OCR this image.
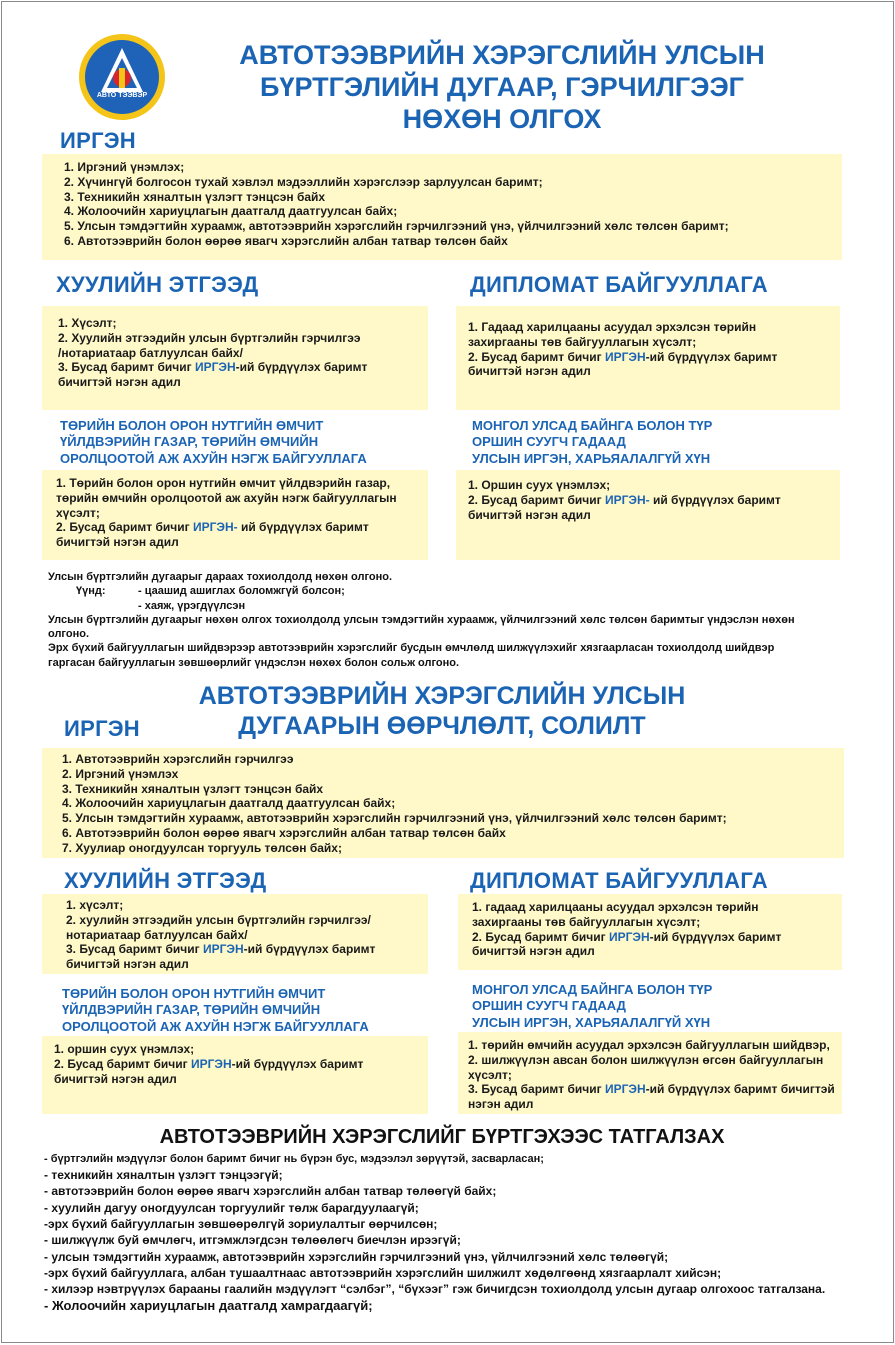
АВТО ТЭЭВЭР
АВТОТЭЭВРИЙН ХЭРЭГСЛИЙН УЛСЫН
БҮРТГЭЛИЙН ДУГААР, ГЭРЧИЛГЭЭГ
НӨХӨН ОЛГОХ
ИРГЭН
1. Иргэний үнэмлэх;
2. Хүчингүй болгосон тухай хэвлэл мэдээллийн хэрэгслээр зарлуулсан баримт;
3. Техникийн хяналтын үзлэгт тэнцсэн байх
4. Жолоочийн хариуцлагын даатгалд даатгуулсан байх;
5. Улсын тэмдэгтийн хураамж, автотээврийн хэрэгслийн гэрчилгээний үнэ, үйлчилгээний хөлс төлсөн баримт;
6. Автотээврийн болон өөрөө явагч хэрэгслийн албан татвар төлсөн байх
ХУУЛИЙН ЭТГЭЭД	ДИПЛОМАТ БАЙГУУЛЛАГА
1. Хүсэлт;
2. Хуулийн этгээдийн улсын бүртгэлийн гэрчилгээ
/нотариатаар батлуулсан байх/
3. Бусад баримт бичиг ИРГЭН-ий бүрдүүлэх баримт
бичигтэй нэгэн адил
1. Гадаад харилцааны асуудал эрхэлсэн төрийн
захиргааны төв байгууллагын хүсэлт;
2. Бусад баримт бичиг ИРГЭН-ий бүрдүүлэх баримт
бичигтэй нэгэн адил
ТӨРИЙН БОЛОН ОРОН НУТГИЙН ӨМЧИТ
ҮЙЛДВЭРИЙН ГАЗАР, ТӨРИЙН ӨМЧИЙН
ОРОЛЦООТОЙ АЖ АХУЙН НЭГЖ БАЙГУУЛЛАГА
МОНГОЛ УЛСАД БАЙНГА БОЛОН ТҮР
ОРШИН СУУГЧ ГАДААД
УЛСЫН ИРГЭН, ХАРЬЯАЛАЛГҮЙ ХҮН
1. Төрийн болон орон нутгийн өмчит үйлдвэрийн газар,
төрийн өмчийн оролцоотой аж ахуйн нэгж байгууллагын
хүсэлт;
2. Бусад баримт бичиг ИРГЭН- ий бүрдүүлэх баримт
бичигтэй нэгэн адил
1. Оршин суух үнэмлэх;
2. Бусад баримт бичиг ИРГЭН- ий бүрдүүлэх баримт
бичигтэй нэгэн адил
Улсын бүртгэлийн дугаарыг дараах тохиолдолд нөхөн олгоно.
Үүнд:	- цаашид ашиглах боломжгүй болсон;
- хаяж, үрэгдүүлсэн
Улсын бүртгэлийн дугаарыг нөхөн олгох тохиолдолд улсын тэмдэгтийн хураамж, үйлчилгээний хөлс төлсөн баримтыг үндэслэн нөхөн
олгоно.
Эрх бүхий байгууллагын шийдвэрээр автотээврийн хэрэгслийг бусдын өмчлөлд шилжүүлэхийг хязгаарласан тохиолдолд шийдвэр
гаргасан байгууллагын зөвшөөрлийг үндэслэн нөхөх болон сольж олгоно.
АВТОТЭЭВРИЙН ХЭРЭГСЛИЙН УЛСЫН
ДУГААРЫН ӨӨРЧЛӨЛТ, СОЛИЛТ
ИРГЭН
1. Автотээврийн хэрэгслийн гэрчилгээ
2. Иргэний үнэмлэх
3. Техникийн хяналтын үзлэгт тэнцсэн байх
4. Жолоочийн хариуцлагын даатгалд даатгуулсан байх;
5. Улсын тэмдэгтийн хураамж, автотээврийн хэрэгслийн гэрчилгээний үнэ, үйлчилгээний хөлс төлсөн баримт;
6. Автотээврийн болон өөрөө явагч хэрэгслийн албан татвар төлсөн байх
7. Хуулиар оногдуулсан торгууль төлсөн байх;
ХУУЛИЙН ЭТГЭЭД	ДИПЛОМАТ БАЙГУУЛЛАГА
1. хүсэлт;
2. хуулийн этгээдийн улсын бүртгэлийн гэрчилгээ/
нотариатаар батлуулсан байх/
3. Бусад баримт бичиг ИРГЭН-ий бүрдүүлэх баримт
бичигтэй нэгэн адил
1. гадаад харилцааны асуудал эрхэлсэн төрийн
захиргааны төв байгууллагын хүсэлт;
2. Бусад баримт бичиг ИРГЭН-ий бүрдүүлэх баримт
бичигтэй нэгэн адил
ТӨРИЙН БОЛОН ОРОН НУТГИЙН ӨМЧИТ
ҮЙЛДВЭРИЙН ГАЗАР, ТӨРИЙН ӨМЧИЙН
ОРОЛЦООТОЙ АЖ АХУЙН НЭГЖ БАЙГУУЛЛАГА
МОНГОЛ УЛСАД БАЙНГА БОЛОН ТҮР
ОРШИН СУУГЧ ГАДААД
УЛСЫН ИРГЭН, ХАРЬЯАЛАЛГҮЙ ХҮН
1. оршин суух үнэмлэх;
2. Бусад баримт бичиг ИРГЭН-ий бүрдүүлэх баримт
бичигтэй нэгэн адил
1. төрийн өмчийн асуудал эрхэлсэн байгууллагын шийдвэр,
2. шилжүүлэн авсан болон шилжүүлэн өгсөн байгууллагын
хүсэлт;
3. Бусад баримт бичиг ИРГЭН-ий бүрдүүлэх баримт бичигтэй
нэгэн адил
АВТОТЭЭВРИЙН ХЭРЭГСЛИЙГ БҮРТГЭХЭЭС ТАТГАЛЗАХ
- бүртгэлийн мэдүүлэг болон баримт бичиг нь бүрэн бус, мэдээлэл зөрүүтэй, засварласан;
- техникийн хяналтын үзлэгт тэнцээгүй;
- автотээврийн болон өөрөө явагч хэрэгслийн албан татвар төлөөгүй байх;
- хуулийн дагуу оногдуулсан торгуулийг төлж барагдуулаагүй;
-эрх бүхий байгууллагын зөвшөөрөлгүй зориулалтыг өөрчилсөн;
- шилжүүлж буй өмчлөгч, итгэмжлэгдсэн төлөөлөгч биечлэн ирээгүй;
- улсын тэмдэгтийн хураамж, автотээврийн хэрэгслийн гэрчилгээний үнэ, үйлчилгээний хөлс төлөөгүй;
-эрх бүхий байгууллага, албан тушаалтнаас автотээврийн хэрэгслийн шилжилт хөдөлгөөнд хязгаарлалт хийсэн;
- хилээр нэвтрүүлэх барааны гаалийн мэдүүлэгт “сэлбэг”, “бүхээг” гэж бичигдсэн тохиолдолд улсын дугаар олгохоос татгалзана.
- Жолоочийн хариуцлагын даатгалд хамрагдаагүй;
